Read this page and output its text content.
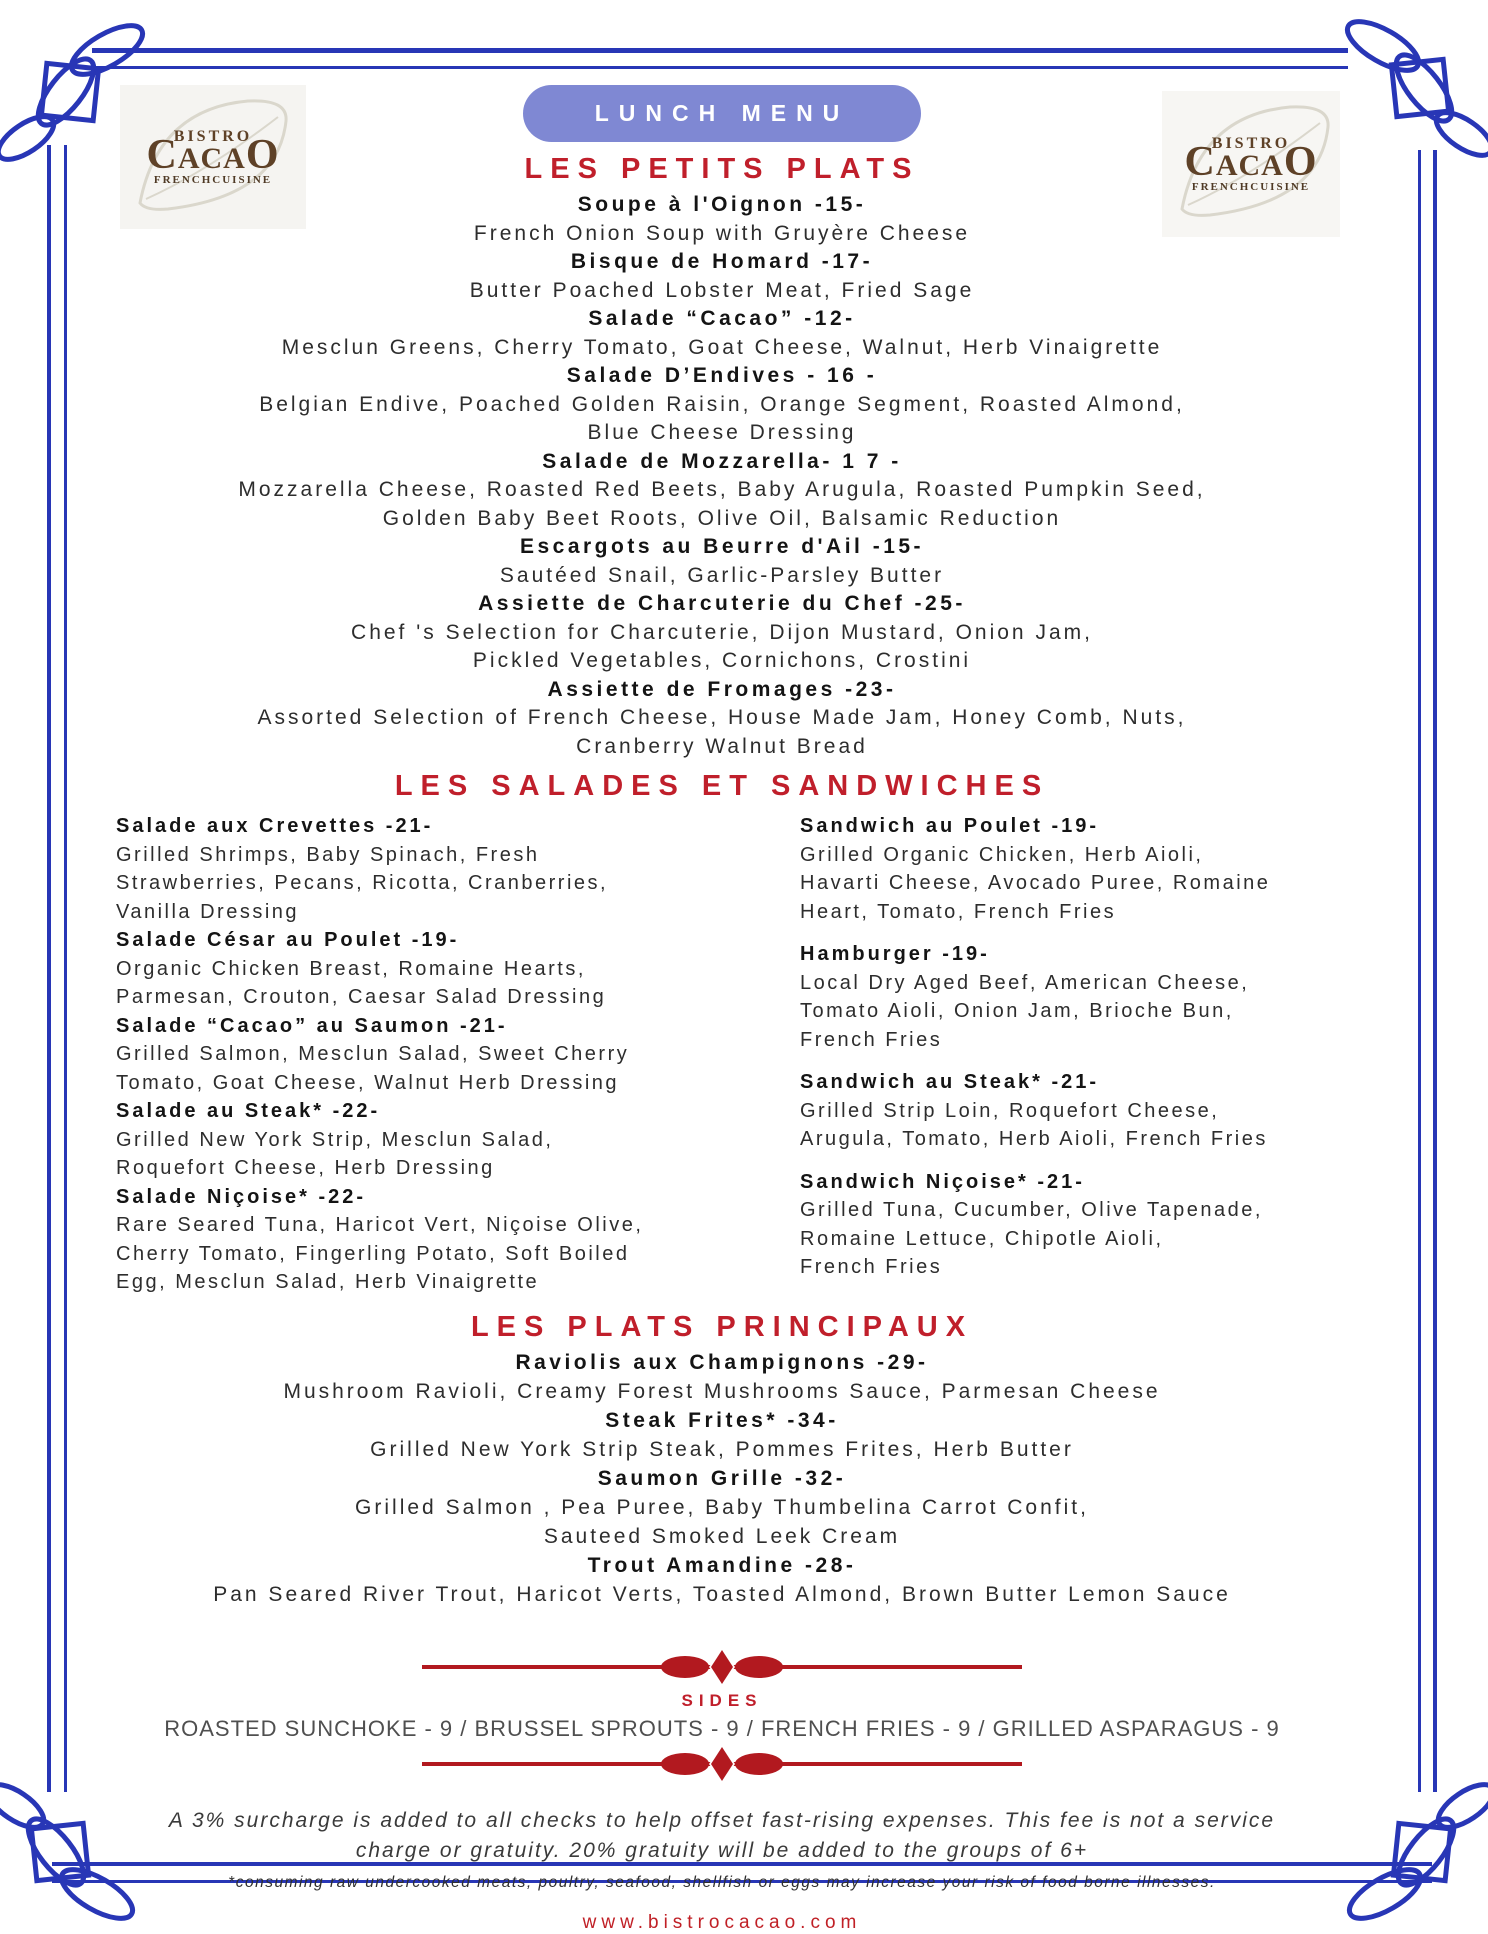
BISTRO
CACAO
FRENCHCUISINE
BISTRO
CACAO
FRENCHCUISINE
LUNCH MENU
LES PETITS PLATS
Soupe à l'Oignon -15-
French Onion Soup with Gruyère Cheese
Bisque de Homard -17-
Butter Poached Lobster Meat, Fried Sage
Salade “Cacao” -12-
Mesclun Greens, Cherry Tomato, Goat Cheese, Walnut, Herb Vinaigrette
Salade D’Endives - 16 -
Belgian Endive, Poached Golden Raisin, Orange Segment, Roasted Almond,
Blue Cheese Dressing
Salade de Mozzarella- 1 7 -
Mozzarella Cheese, Roasted Red Beets, Baby Arugula, Roasted Pumpkin Seed,
Golden Baby Beet Roots, Olive Oil, Balsamic Reduction
Escargots au Beurre d'Ail -15-
Sautéed Snail, Garlic-Parsley Butter
Assiette de Charcuterie du Chef -25-
Chef 's Selection for Charcuterie, Dijon Mustard, Onion Jam,
Pickled Vegetables, Cornichons, Crostini
Assiette de Fromages -23-
Assorted Selection of French Cheese, House Made Jam, Honey Comb, Nuts,
Cranberry Walnut Bread
LES SALADES ET SANDWICHES
Salade aux Crevettes -21-
Grilled Shrimps, Baby Spinach, Fresh
Strawberries, Pecans, Ricotta, Cranberries,
Vanilla Dressing
Salade César au Poulet -19-
Organic Chicken Breast, Romaine Hearts,
Parmesan, Crouton, Caesar Salad Dressing
Salade “Cacao” au Saumon -21-
Grilled Salmon, Mesclun Salad, Sweet Cherry
Tomato, Goat Cheese, Walnut Herb Dressing
Salade au Steak* -22-
Grilled New York Strip, Mesclun Salad,
Roquefort Cheese, Herb Dressing
Salade Niçoise* -22-
Rare Seared Tuna, Haricot Vert, Niçoise Olive,
Cherry Tomato, Fingerling Potato, Soft Boiled
Egg, Mesclun Salad, Herb Vinaigrette
Sandwich au Poulet -19-
Grilled Organic Chicken, Herb Aioli,
Havarti Cheese, Avocado Puree, Romaine
Heart, Tomato, French Fries
Hamburger -19-
Local Dry Aged Beef, American Cheese,
Tomato Aioli, Onion Jam, Brioche Bun,
French Fries
Sandwich au Steak* -21-
Grilled Strip Loin, Roquefort Cheese,
Arugula, Tomato, Herb Aioli, French Fries
Sandwich Niçoise* -21-
Grilled Tuna, Cucumber, Olive Tapenade,
Romaine Lettuce, Chipotle Aioli,
French Fries
LES PLATS PRINCIPAUX
Raviolis aux Champignons -29-
Mushroom Ravioli, Creamy Forest Mushrooms Sauce, Parmesan Cheese
Steak Frites* -34-
Grilled New York Strip Steak, Pommes Frites, Herb Butter
Saumon Grille -32-
Grilled Salmon , Pea Puree, Baby Thumbelina Carrot Confit,
Sauteed Smoked Leek Cream
Trout Amandine -28-
Pan Seared River Trout, Haricot Verts, Toasted Almond, Brown Butter Lemon Sauce
SIDES
ROASTED SUNCHOKE - 9 / BRUSSEL SPROUTS - 9 / FRENCH FRIES - 9 / GRILLED ASPARAGUS - 9
A 3% surcharge is added to all checks to help offset fast-rising expenses. This fee is not a service
charge or gratuity. 20% gratuity will be added to the groups of 6+
*consuming raw undercooked meats, poultry, seafood, shellfish or eggs may increase your risk of food borne illnesses.
www.bistrocacao.com
